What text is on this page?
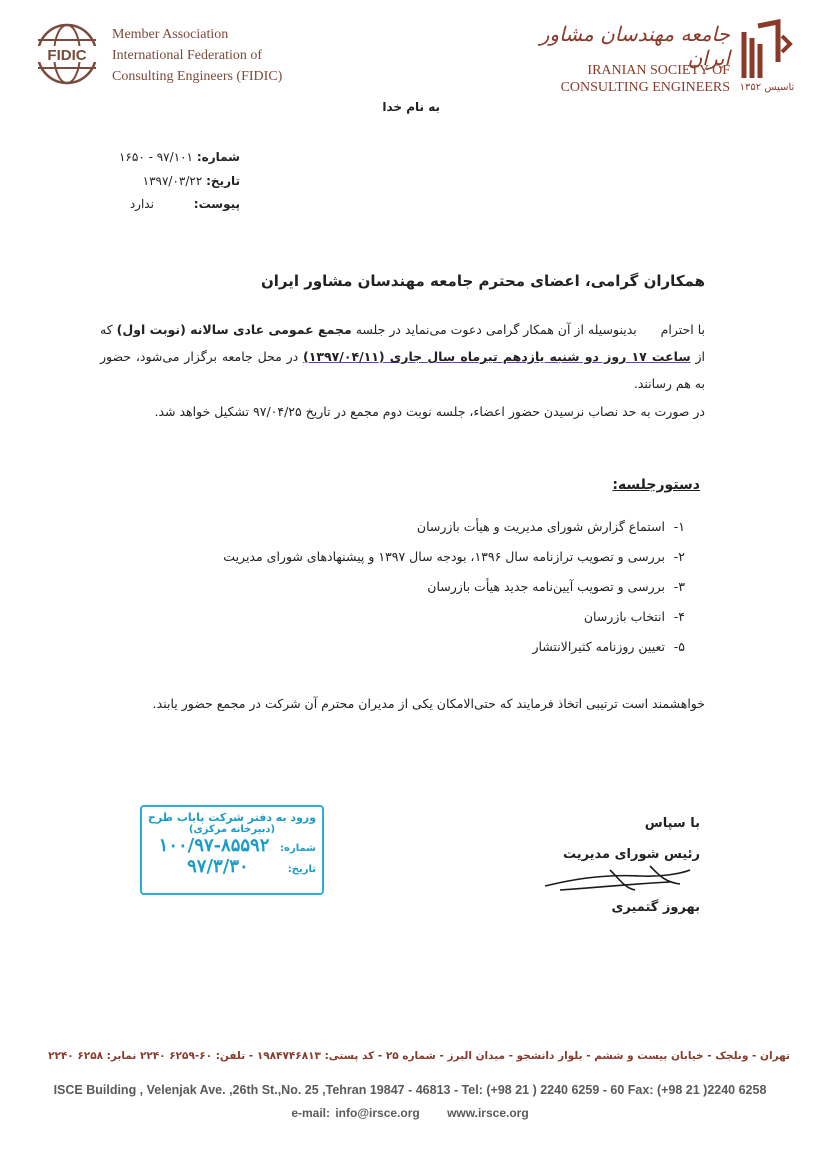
FIDIC
Member Association
International Federation of
Consulting Engineers (FIDIC)
تاسیس ۱۳۵۲
جامعه مهندسان مشاور ایران
IRANIAN SOCIETY OF
CONSULTING ENGINEERS
به نام خدا
شماره: ۹۷/۱۰۱ - ۱۶۵۰
تاریخ: ۱۳۹۷/۰۳/۲۲
پیوست: ندارد
همکاران گرامی، اعضای محترم جامعه مهندسان مشاور ایران
با احترام      بدینوسیله از آن همکار گرامی دعوت می‌نماید در جلسه مجمع عمومی عادی سالانه (نوبت اول) که از ساعت ۱۷ روز دو شنبه یازدهم تیرماه سال جاری (۱۳۹۷/۰۴/۱۱) در محل جامعه برگزار می‌شود، حضور به هم رسانند.
در صورت به حد نصاب نرسیدن حضور اعضاء، جلسه نوبت دوم مجمع در تاریخ ۹۷/۰۴/۲۵ تشکیل خواهد شد.
دستورجلسه:
۱-استماع گزارش شورای مدیریت و هیأت بازرسان
۲-بررسی و تصویب ترازنامه سال ۱۳۹۶، بودجه سال ۱۳۹۷ و پیشنهادهای شورای مدیریت
۳-بررسی و تصویب آیین‌نامه جدید هیأت بازرسان
۴-انتخاب بازرسان
۵-تعیین روزنامه کثیرالانتشار
خواهشمند است ترتیبی اتخاذ فرمایند که حتی‌الامکان یکی از مدیران محترم آن شرکت در مجمع حضور یابند.
ورود به دفتر شرکت پایاب طرح
(دبیرخانه مرکزی)
شماره:
۱۰۰/۹۷-۸۵۵۹۲
تاریخ:
۹۷/۳/۳۰
با سپاس
رئیس شورای مدیریت
بهروز گتمیری
تهران - ونلجک - خیابان بیست و ششم - بلوار دانشجو - میدان البرز - شماره ۲۵ - کد پستی: ۱۹۸۴۷۴۶۸۱۳ - تلفن: ۶۰-۶۲۵۹ ۲۲۴۰ نمابر: ۶۲۵۸ ۲۲۴۰
ISCE Building , Velenjak Ave. ,26th St.,No. 25 ,Tehran 19847 - 46813 - Tel: (+98 21 ) 2240 6259 - 60 Fax: (+98 21 )2240 6258
e-mail: info@irsce.org www.irsce.org
